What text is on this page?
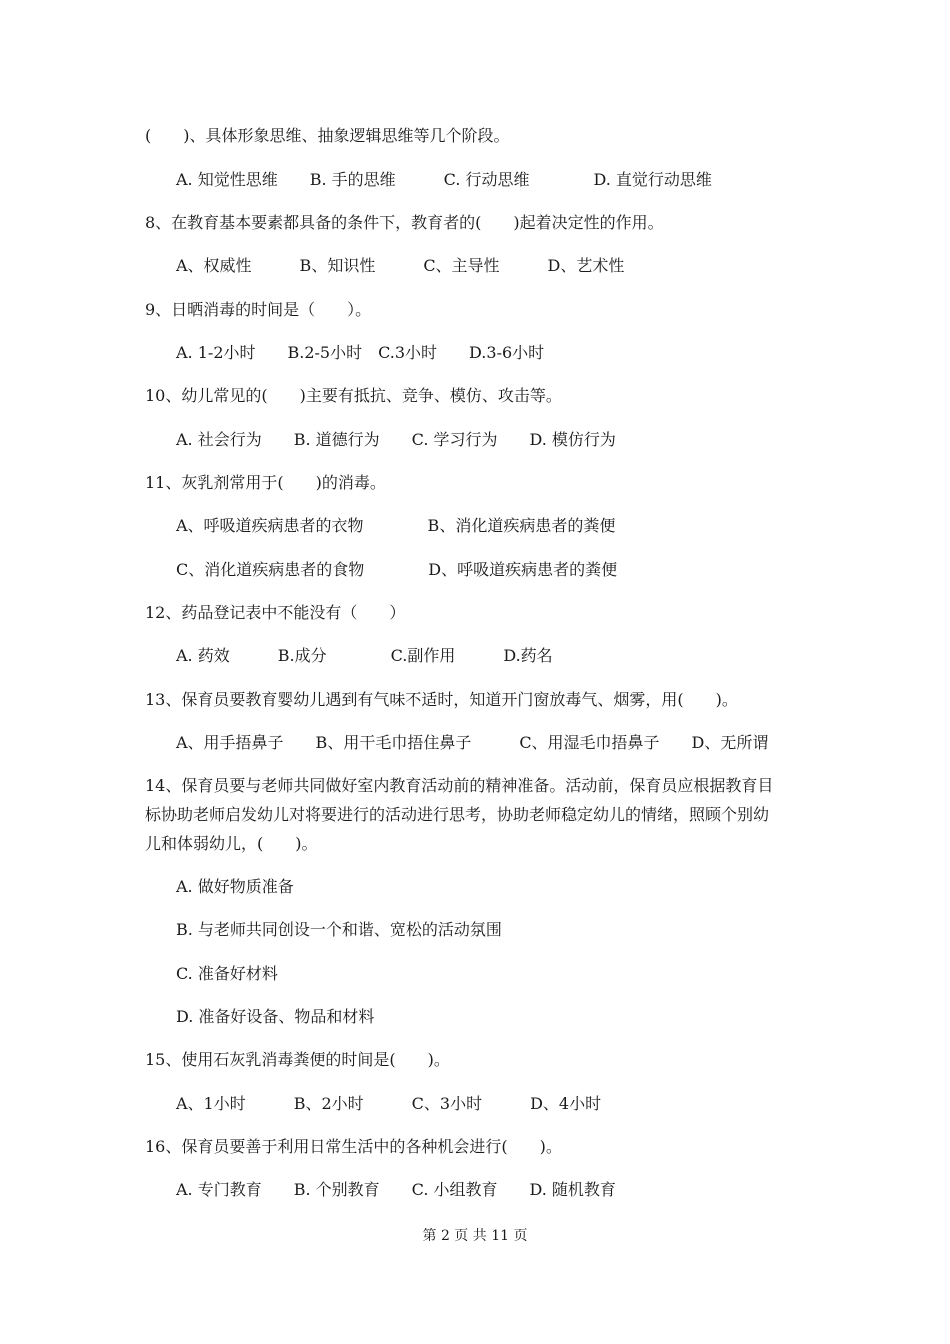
(　　)、具体形象思维、抽象逻辑思维等几个阶段。
A. 知觉性思维　　B. 手的思维　　　C. 行动思维　　　　D. 直觉行动思维
8、在教育基本要素都具备的条件下，教育者的(　　)起着决定性的作用。
A、权威性　　　B、知识性　　　C、主导性　　　D、艺术性
9、日晒消毒的时间是（　　）。
A. 1-2小时　　B.2-5小时　C.3小时　　D.3-6小时
10、幼儿常见的(　　)主要有抵抗、竞争、模仿、攻击等。
A. 社会行为　　B. 道德行为　　C. 学习行为　　D. 模仿行为
11、灰乳剂常用于(　　)的消毒。
A、呼吸道疾病患者的衣物　　　　B、消化道疾病患者的粪便
C、消化道疾病患者的食物　　　　D、呼吸道疾病患者的粪便
12、药品登记表中不能没有（　　）
A. 药效　　　B.成分　　　　C.副作用　　　D.药名
13、保育员要教育婴幼儿遇到有气味不适时，知道开门窗放毒气、烟雾，用(　　)。
A、用手捂鼻子　　B、用干毛巾捂住鼻子　　　C、用湿毛巾捂鼻子　　D、无所谓
14、保育员要与老师共同做好室内教育活动前的精神准备。活动前，保育员应根据教育目
标协助老师启发幼儿对将要进行的活动进行思考，协助老师稳定幼儿的情绪，照顾个别幼
儿和体弱幼儿，(　　)。
A. 做好物质准备
B. 与老师共同创设一个和谐、宽松的活动氛围
C. 准备好材料
D. 准备好设备、物品和材料
15、使用石灰乳消毒粪便的时间是(　　)。
A、1小时　　　B、2小时　　　C、3小时　　　D、4小时
16、保育员要善于利用日常生活中的各种机会进行(　　)。
A. 专门教育　　B. 个别教育　　C. 小组教育　　D. 随机教育
第 2 页 共 11 页
